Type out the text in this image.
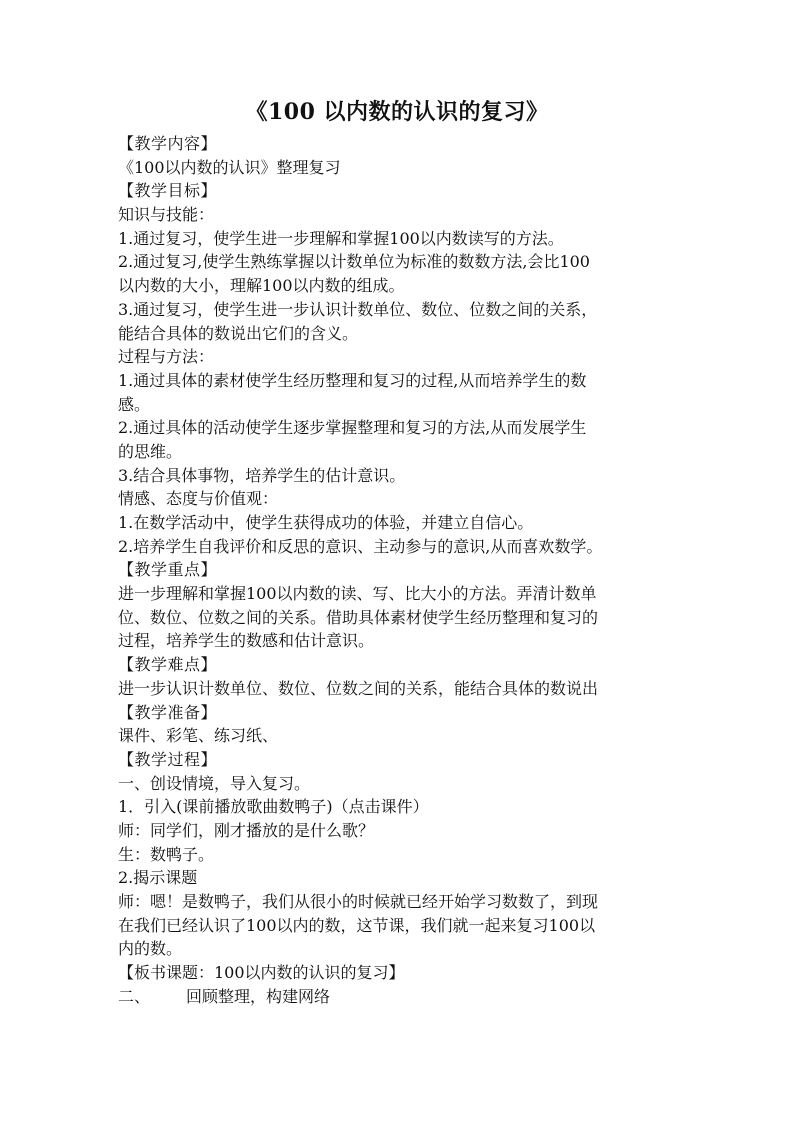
《100 以内数的认识的复习》
【教学内容】
《100以内数的认识》整理复习
【教学目标】
知识与技能：
1.通过复习，使学生进一步理解和掌握100以内数读写的方法。
2.通过复习,使学生熟练掌握以计数单位为标准的数数方法,会比100
以内数的大小，理解100以内数的组成。
3.通过复习，使学生进一步认识计数单位、数位、位数之间的关系，
能结合具体的数说出它们的含义。
过程与方法：
1.通过具体的素材使学生经历整理和复习的过程,从而培养学生的数
感。
2.通过具体的活动使学生逐步掌握整理和复习的方法,从而发展学生
的思维。
3.结合具体事物，培养学生的估计意识。
情感、态度与价值观：
1.在数学活动中，使学生获得成功的体验，并建立自信心。
2.培养学生自我评价和反思的意识、主动参与的意识,从而喜欢数学。
【教学重点】
进一步理解和掌握100以内数的读、写、比大小的方法。弄清计数单
位、数位、位数之间的关系。借助具体素材使学生经历整理和复习的
过程，培养学生的数感和估计意识。
【教学难点】
进一步认识计数单位、数位、位数之间的关系，能结合具体的数说出
【教学准备】
课件、彩笔、练习纸、
【教学过程】
一、创设情境，导入复习。
1．引入(课前播放歌曲数鸭子)（点击课件）
师：同学们，刚才播放的是什么歌？
生：数鸭子。
2.揭示课题
师：嗯！是数鸭子，我们从很小的时候就已经开始学习数数了，到现
在我们已经认识了100以内的数，这节课，我们就一起来复习100以
内的数。
【板书课题：100以内数的认识的复习】
二、 回顾整理，构建网络
